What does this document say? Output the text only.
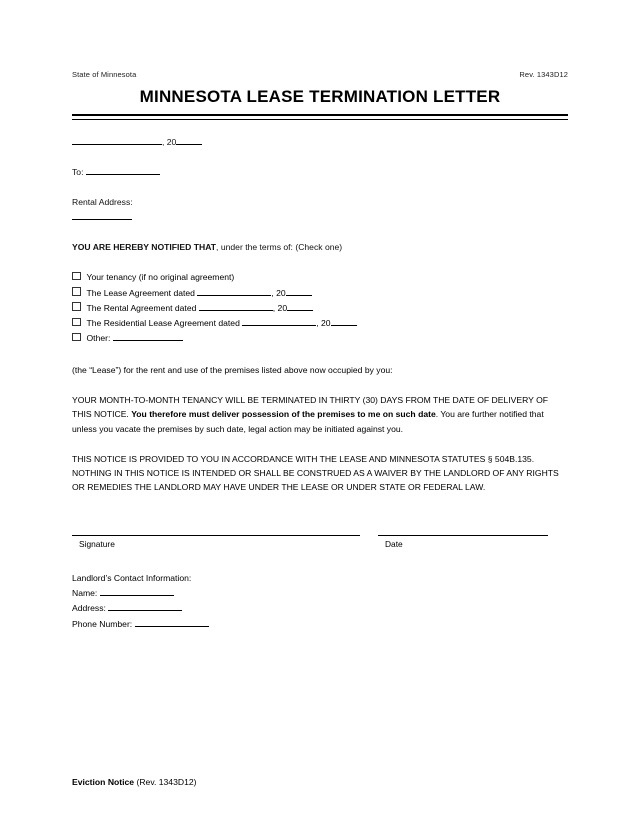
State of Minnesota	Rev. 1343D12
MINNESOTA LEASE TERMINATION LETTER
, 20
To:
Rental Address:
YOU ARE HEREBY NOTIFIED THAT, under the terms of: (Check one)
Your tenancy (if no original agreement)
The Lease Agreement dated	, 20
The Rental Agreement dated	, 20
The Residential Lease Agreement dated	, 20
Other:
(the “Lease”) for the rent and use of the premises listed above now occupied by you:
YOUR MONTH-TO-MONTH TENANCY WILL BE TERMINATED IN THIRTY (30) DAYS FROM THE DATE OF DELIVERY OF THIS NOTICE. You therefore must deliver possession of the premises to me on such date. You are further notified that unless you vacate the premises by such date, legal action may be initiated against you.
THIS NOTICE IS PROVIDED TO YOU IN ACCORDANCE WITH THE LEASE AND MINNESOTA STATUTES § 504B.135. NOTHING IN THIS NOTICE IS INTENDED OR SHALL BE CONSTRUED AS A WAIVER BY THE LANDLORD OF ANY RIGHTS OR REMEDIES THE LANDLORD MAY HAVE UNDER THE LEASE OR UNDER STATE OR FEDERAL LAW.
Signature	Date
Landlord’s Contact Information:
Name:
Address:
Phone Number:
Eviction Notice (Rev. 1343D12)
